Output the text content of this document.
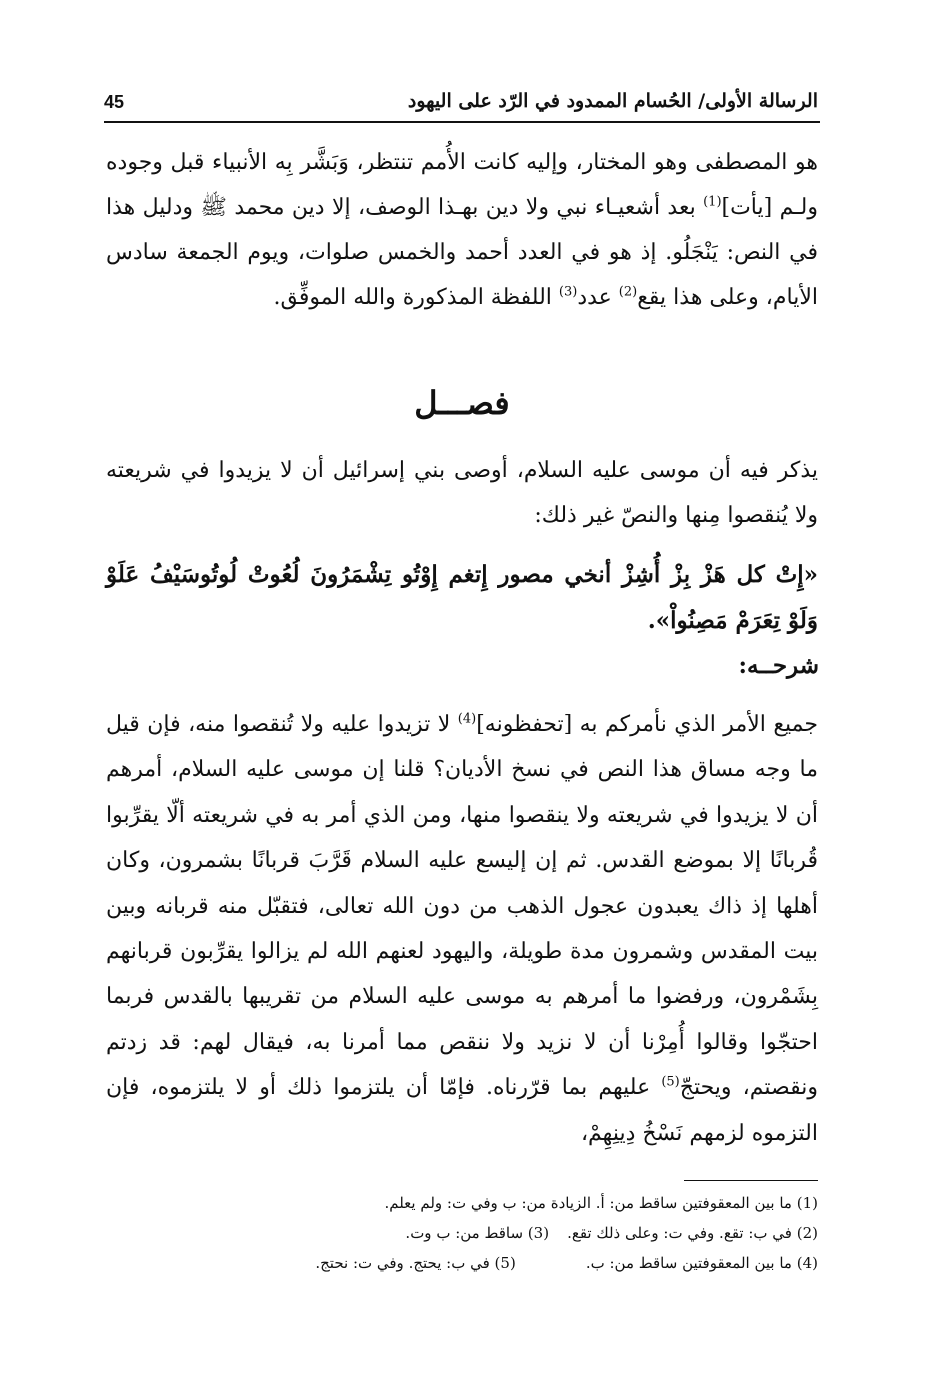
الرسالة الأولى/ الحُسام الممدود في الرّد على اليهود
45

هو المصطفى وهو المختار، وإليه كانت الأُمم تنتظر، وَبَشَّر بِه الأنبياء قبل وجوده ولـم [يأت]$^{(1)}$ بعد أشعيـاء نبي ولا دين بهـذا الوصف، إلا دين محمد ﷺ ودليل هذا في النص: يَنْجَلُو. إذ هو في العدد أحمد والخمس صلوات، ويوم الجمعة سادس الأيام، وعلى هذا يقع$^{(2)}$ عدد$^{(3)}$ اللفظة المذكورة والله الموفِّق.

فصـــل

يذكر فيه أن موسى عليه السلام، أوصى بني إسرائيل أن لا يزيدوا في شريعته ولا يُنقصوا مِنها والنصّ غير ذلك:

«إِتْ كل هَزْ بِزْ أُشِزْ أنخي مصور إِتغم إِوْتُو تِشْمَرُونَ لُعُوتْ لُوتُوسَيْفُ عَلَوْ وَلَوْ تِعَرَمْ مَصِنُواْ».
شرحــه:

جميع الأمر الذي نأمركم به [تحفظونه]$^{(4)}$ لا تزيدوا عليه ولا تُنقصوا منه، فإن قيل ما وجه مساق هذا النص في نسخ الأديان؟ قلنا إن موسى عليه السلام، أمرهم أن لا يزيدوا في شريعته ولا ينقصوا منها، ومن الذي أمر به في شريعته ألّا يقرِّبوا قُربانًا إلا بموضع القدس. ثم إن إليسع عليه السلام قَرَّبَ قربانًا بشمرون، وكان أهلها إذ ذاك يعبدون عجول الذهب من دون الله تعالى، فتقبّل منه قربانه وبين بيت المقدس وشمرون مدة طويلة، واليهود لعنهم الله لم يزالوا يقرِّبون قربانهم بِشَمْرون، ورفضوا ما أمرهم به موسى عليه السلام من تقريبها بالقدس فربما احتجّوا وقالوا أُمِرْنا أن لا نزيد ولا ننقص مما أمرنا به، فيقال لهم: قد زدتم ونقصتم، ويحتجّ$^{(5)}$ عليهم بما قرّرناه. فإمّا أن يلتزموا ذلك أو لا يلتزموه، فإن التزموه لزمهم نَسْخُ دِينِهِمْ،

(1) ما بين المعقوفتين ساقط من: أ. الزيادة من: ب وفي ت: ولم يعلم.

(2) في ب: تقع. وفي ت: وعلى ذلك تقع.(3) ساقط من: ب وت.

(4) ما بين المعقوفتين ساقط من: ب.(5) في ب: يحتج. وفي ت: نحتج.
